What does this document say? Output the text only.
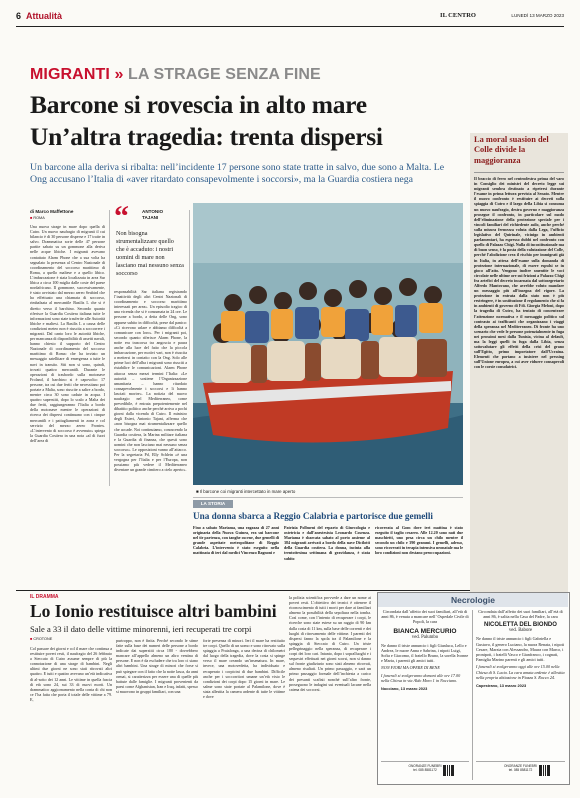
6 Attualità	IL CENTRO	LUNEDÌ 13 MARZO 2023
MIGRANTI » LA STRAGE SENZA FINE
Barcone si rovescia in alto mare
Un’altra tragedia: trenta dispersi
Un barcone alla deriva si ribalta: nell’incidente 17 persone sono state tratte in salvo, due sono a Malta. Le Ong accusano l’Italia di «aver ritardato consapevolmente i soccorsi», ma la Guardia costiera nega
La moral suasion del Colle divide la maggioranza
Il braccio di ferro nel centrodestra prima del varo in Consiglio dei ministri del decreto legge sui migranti sembra destinato a ripetersi durante l’esame in prima lettura prevista al Senato. Mentre il nuovo confronto è restituire ai decreti sulla spiaggia di Cutro e il largo della Libia si consuma un nuovo naufragio, destra governo e maggioranza prosegue il confronto, in particolare sul modo dell’eliminazione della protezione speciale per i vincoli familiari del richiedente asilo, anche perché sulla misura fermezza voluta dalla Lega, l’ufficio legislativo del Quirinale, vicinigo in ambienti parlamentari, ha espresso dubbi nel confronto con quello di Palazzo Chigi. Nulla di incostituzionale ma di buon senso, è la posta della valutazione del Colle, perché l’abolizione crea il rischio per immigrati già in Italia, in attesa dell’esame sulla domanda di protezione internazionale, di essere espulsi se in gioco all’atto. Vengono inoltre smentite le voci circolate nelle ultime ore sui frizioni a Palazzo Chigi fra artefici del decreto incarnata dal sottosegretario Alfredo Mantovano, che avrebbe voluto mandare un messaggio più all’insegna del rigore. La protezione in entrata dalla stato non è più restringere, è in sostituzione il regolamento che si fa in ambienti di governo di Fdi. Giorgia Meloni, dopo la tragedia di Cutro, ha tentato di concentrare l’attenzione normativa e il messaggio politico sul contrasto ai trafficanti che organizzano i viaggi della speranza nel Mediterraneo. Di fronte ha uno scenario che vede le persone potenzialmente in fuga nei prossimi mesi dalla Tunisia, vicina al default, ma la leggi quelli in fuga dalla Libia, senza sottovalutare gli effetti della crisi del grano sull’Egitto, primo importatore dall’Ucraina. Elementi che portano a insistere nel pressing sull’Unione europea, a cui aver ridurre consapevoli con le corsie consolatrici.
di Marco Maffettone
■ ROMA
Una nuova strage in mare dopo quella di Cutro. Un nuovo naufragio di migranti il cui bilancio è di 30 persone disperse e 17 tratte in salvo. Drammatica sorte delle 47 persone partite sabato su un gommone alla deriva nelle acque libiche. I migranti avevano contattato Alarm Phone che a sua volta ha segnalato la presenza al Centro Nazionale di coordinamento del soccorso marittimo di Roma, a quello maltese e a quello libico. L’imbarcazione è stata localizzata in area Sar libica a circa 100 miglia dalle coste del paese nordafricano. Il gommone, successivamente, è stato avvistato dal mezzo aereo Seabird che ha effettuato una chiamata di soccorso, rimbalzata al mercantile Basilis L che si è diretto verso il barchino. Secondo quanto riferisce la Guardia Costiera italiana tutte le informazioni sono state trasferite alle Autorità libiche e maltesi. La Basilis L a causa delle condizioni meteo non è riuscita a soccorrere i migranti. Dal canto loro le autorità libiche, per mancanza di disponibilità di assetti navali, hanno chiesto il supporto del Centro Nazionale di coordinamento del soccorso marittimo di Roma: che ha inviato un messaggio satellitare di emergenza a tutte le navi in transito. Siti non si sono, quindi, trovati quattro mercantili. Durante le operazioni di trasbordo sulla motonave Froland, il barchino si è capovolto: 17 persone, tra cui due feriti che necessitano poi portate a Malta, sono riuscite a salire a bordo, mentre circa 30 sono cadute in acqua. I quattro superstiti, dopo lo scalo a Malta dei due feriti, raggiungeranno l’Italia a bordo della motonave mentre le operazioni di ricerca dei dispersi continuano con i cinque mercantili e i pattugliamenti in zona e col servizio del mezzo aereo Frontex. «L’intervento di soccorso è avvenuto» spiega la Guardia Costiera in una nota «al di fuori dell’area di
“	ANTONIO TAJANI
Non bisogna strumentalizzare quello che è accaduto: i nostri uomini di mare non lasciano mai nessuno senza soccorso
responsabilità Sar italiana registrando l’inattività degli altri Centri Nazionali di coordinamento e soccorso marittimo interessati per area». Un episodio tragico di una vicenda che si è consumata in 24 ore. Le persone a bordo, a detta delle Ong, sono apparse subito in difficoltà, prese dal panico: «Ci ricevono urlare e abbiamo difficoltà a comunicare con loro». Per i migranti poi, secondo quanto riferisce Alarm Phone, la notte era trascorsa tra angoscia e paura anche alla luce del fatto che la piccola imbarcazione, per motivi vari, non è riuscita a mettersi in contatto con la Ong. Solo alle prime luci dell’alba i migranti sono riusciti a ristabilire le comunicazioni. Alarm Phone attacca senza mezzi termini l’Italia: «Le autorità – sostiene l’Organizzazione umanitaria – hanno ritardato consapevolmente i soccorsi e li hanno lasciati morire». La notizia del nuovo naufragio nel Mediterraneo, come prevedibile, è entrata prepotentemente nel dibattito politico anche perché arriva a pochi giorni dalla vicenda di Cutro. Il ministro degli Esteri, Antonio Tajani, afferma che «non bisogna mai strumentalizzare quello che accade. Noi continuiamo, conoscendo la Guardia costiera, la Marina militare italiana e la Guardia di finanza, che questi sono uomini che non lasciano mai nessuno senza soccorso». Le opposizioni vanno all’attacco. Per la segretaria Pd, Elly Schlein «è una vergogna per l’Italia e per l’Europa, non possiamo più vedere il Mediterraneo diventare un grande cimitero a cielo aperto».
■ Il barcone coi migranti intercettato in mare aperto
LA STORIA
Una donna sbarca a Reggio Calabria e partorisce due gemelli
Fino a sabato Mariama, una ragazza di 27 anni originaria della Nuova Guinea, era sui barcone nel tir partenza, con tanghe oscene, due gemelli di grande aspettate metropolitane di Reggio Calabria. L’intervento è stato eseguito nella mattinata di ieri dal medici Vincenzo Bagnoni e
Patrizia Pollmeni del reparto di Ginecologia e ostetricia e dall’anestesista Leonardo Cosenza. Mariama è sbarcata sabato al porto assieme al 384 migranti arrivati a bordo della nave Dicilotti della Guardia costiera. La donna, incinta alla trentottesima settimana di gravidanza, è stata subito
ricoverata al Gom dove ieri mattina è stato eseguito il taglio cesareo. Alle 12.20 sono nati due maschietti, uno pesa circa un chilo mentre il secondo un chilo e 390 grammi. I gemelli, adesso, sono ricoverati in terapia intensiva neonatale ma le loro condizioni non destano preoccupazioni.
IL DRAMMA
Lo Ionio restituisce altri bambini
Sale a 33 il dato delle vittime minorenni, ieri recuperati tre corpi
■ CROTONE
Col passare dei giorni e col il mare che continua a restituire poveri resti, il naufragio del 26 febbraio a Steccato di Cutro assume sempre di più la connotazione di una strage di bambini. Negli ultimi due giorni ne sono stati ritrovati altri quattro. E tutti e quattro avevano un’età indicativa di al-sotto dei 12 anni. Le vittime in quella fascia di età sono 24, sui 33 di nuovi morti. Un drammatico aggiornamento nella conta di chi non ce l’ha fatta che porta il totale delle vittime a 79. E,
purtroppo, non è finita. Perché secondo le stime fatte sulla base dei numeri delle persone a bordo indicate dai superstiti circa 180 - dovrebbero mancare all’appello almeno un altro ventina di persone. E non è da escludere che tra loro ci siano altri bambini. Una strage di minori che forse si può spiegare con il fatto che la notte lasca, da anni ormai, si caratterizza per essere una di quelle più battute dalle famiglie. I migranti provenienti da paesi come Afghanistan, Iran e Iraq, infatti, spesso si muovono in gruppi familiari, con una
forte presenza di minori. Ieri il mare ha restituito tre corpi. Quello di un uomo e sono ritrovato sulla spiaggia a Praialonga, a una decina di chilometri dal luogo della tragedia, dove la costa si spinge verso il mare creando un’insenatura. In mare, invece, una motovedetta, ha individuato e recuperato i corpicini di due bambini. Difficile anche per i soccorritori umane un’età visto le condizioni dei corpi dopo 15 giorni in mare. Le salme sono state portate al Palamilone, dove è stata allestita la camera ardente di tutte le vittime e dove
la polizia scientifica provvede a dare un nome ai poveri resti. L’obiettivo dei tecnici è ottenere il riconoscimento di tutti i morti per dare ai familiari almeno la possibilità della sepoltura nella tomba. Così come, con l’intento di recuperare i corpi, le ricerche sono state estese su un raggio di 90 km dalla costa di 11 km, sulla base delle correnti e dei luoghi di ritrovamento delle vittime. I parenti dei dispersi fanno la spola tra il Palamilone e la spiaggia di Steccato di Cutro. Un triste pellegrinaggio nella speranza, di recuperare i corpi dei loro cari. Intanto, dopo i sopralluoghi e i sequestri effettuati nei giorni scorsi, non si danno sul fronte giudiziario sono stati almeno ritrovati, almeno risultati. Un primo passaggio, e sarà un primo passaggio formale dell’inchiesta a carico dei presunti scafisti nonché sull’altro fronte, proseguono le indagini sui eventuali lacune nella catena dei soccorsi.
Necrologie
Circondata dall’affetto dei suoi familiari, all’età di anni 86, è venuta a mancare nell’ Ospedale Civile di Popoli, la cara
BIANCA MERCURIO
ved. Palumbo
Ne danno il triste annuncio i figli Gianluca, Lello e Andrea, le nuore Anna e Sabrina, i nipoti Luigi, Sofia e Giacomo, il fratello Bruno, la sorella Ivonne e Maria, i parenti gli amici tutti.
NON FIORI MA OPERE DI BENE
I funerali si svolgeranno domani alle ore 17.00 nella Chiesa in via Aldo Moro 1 in Nocciano.
Nocciano, 13 marzo 2023
ONORANZE FUNEBRI
tel. 085 8581172
Circondata dall’affetto dei suoi familiari, all’età di anni 86, è salita nella Casa del Padre, la cara
NICOLETTA DEL BIONDO
ved. Babore
Ne danno il triste annuncio i figli Gabriella e Gustavo, il genero Luciano, la nuora Renata, i nipoti Cesare, Marzia con Alessandro, Maura con Marco, i pronipoti, i fratelli Vasco e Gianfranco, i cognati, Famiglia Marino parenti e gli amici tutti.
I funerali si svolgeranno oggi alle ore 15.00 nella Chiesa di S. Lucia. La cara amata ardente è allestita nella propria abitazione in Piazza S. Rocco 24.
Capestrano, 13 marzo 2023
ONORANZE FUNEBRI
tel. 085 8581172
